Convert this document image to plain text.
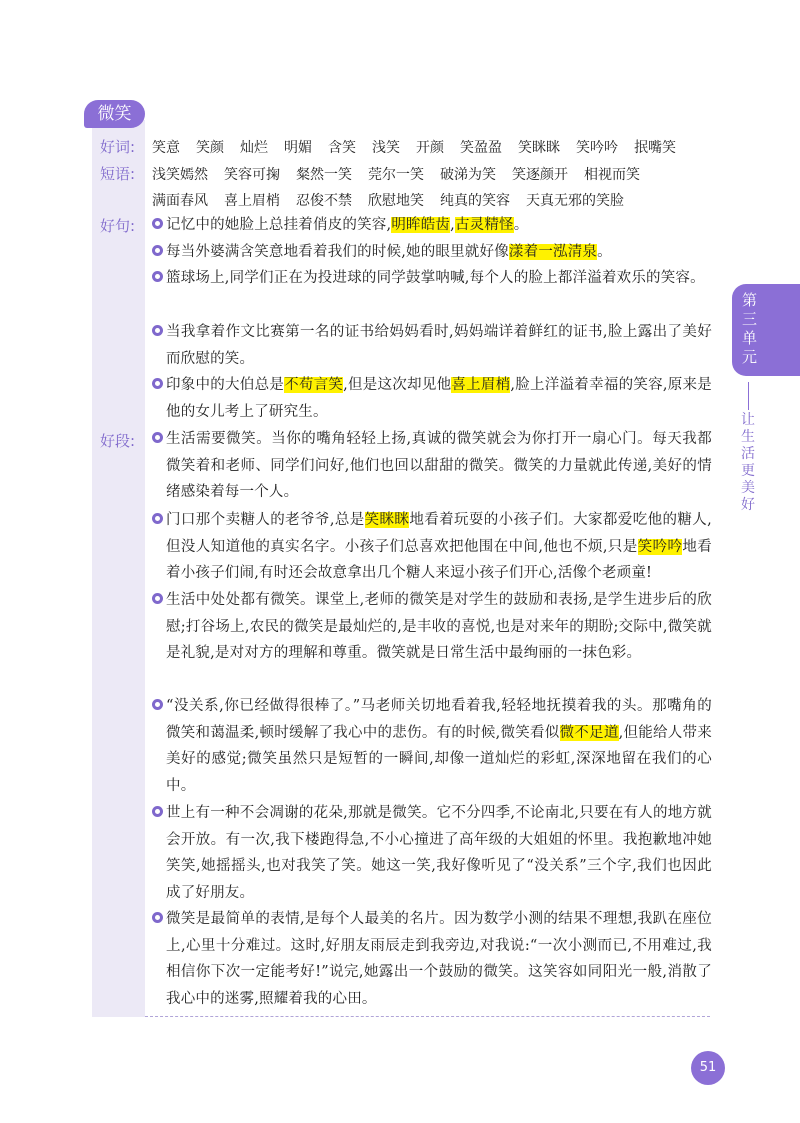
微笑
好词:
短语:
好句:
好段:
笑意 笑颜 灿烂 明媚 含笑 浅笑 开颜 笑盈盈 笑眯眯 笑吟吟 抿嘴笑
浅笑嫣然 笑容可掬 粲然一笑 莞尔一笑 破涕为笑 笑逐颜开 相视而笑
满面春风 喜上眉梢 忍俊不禁 欣慰地笑 纯真的笑容 天真无邪的笑脸
记忆中的她脸上总挂着俏皮的笑容,明眸皓齿,古灵精怪。
每当外婆满含笑意地看着我们的时候,她的眼里就好像漾着一泓清泉。
篮球场上,同学们正在为投进球的同学鼓掌呐喊,每个人的脸上都洋溢着欢乐的笑容。
当我拿着作文比赛第一名的证书给妈妈看时,妈妈端详着鲜红的证书,脸上露出了美好而欣慰的笑。
印象中的大伯总是不苟言笑,但是这次却见他喜上眉梢,脸上洋溢着幸福的笑容,原来是他的女儿考上了研究生。
生活需要微笑。当你的嘴角轻轻上扬,真诚的微笑就会为你打开一扇心门。每天我都微笑着和老师、同学们问好,他们也回以甜甜的微笑。微笑的力量就此传递,美好的情绪感染着每一个人。
门口那个卖糖人的老爷爷,总是笑眯眯地看着玩耍的小孩子们。大家都爱吃他的糖人,但没人知道他的真实名字。小孩子们总喜欢把他围在中间,他也不烦,只是笑吟吟地看着小孩子们闹,有时还会故意拿出几个糖人来逗小孩子们开心,活像个老顽童!
生活中处处都有微笑。课堂上,老师的微笑是对学生的鼓励和表扬,是学生进步后的欣慰;打谷场上,农民的微笑是最灿烂的,是丰收的喜悦,也是对来年的期盼;交际中,微笑就是礼貌,是对对方的理解和尊重。微笑就是日常生活中最绚丽的一抹色彩。
“没关系,你已经做得很棒了。”马老师关切地看着我,轻轻地抚摸着我的头。那嘴角的微笑和蔼温柔,顿时缓解了我心中的悲伤。有的时候,微笑看似微不足道,但能给人带来美好的感觉;微笑虽然只是短暂的一瞬间,却像一道灿烂的彩虹,深深地留在我们的心中。
世上有一种不会凋谢的花朵,那就是微笑。它不分四季,不论南北,只要在有人的地方就会开放。有一次,我下楼跑得急,不小心撞进了高年级的大姐姐的怀里。我抱歉地冲她笑笑,她摇摇头,也对我笑了笑。她这一笑,我好像听见了“没关系”三个字,我们也因此成了好朋友。
微笑是最简单的表情,是每个人最美的名片。因为数学小测的结果不理想,我趴在座位上,心里十分难过。这时,好朋友雨辰走到我旁边,对我说:“一次小测而已,不用难过,我相信你下次一定能考好!”说完,她露出一个鼓励的微笑。这笑容如同阳光一般,消散了我心中的迷雾,照耀着我的心田。
第三单元
让生活更美好
51
